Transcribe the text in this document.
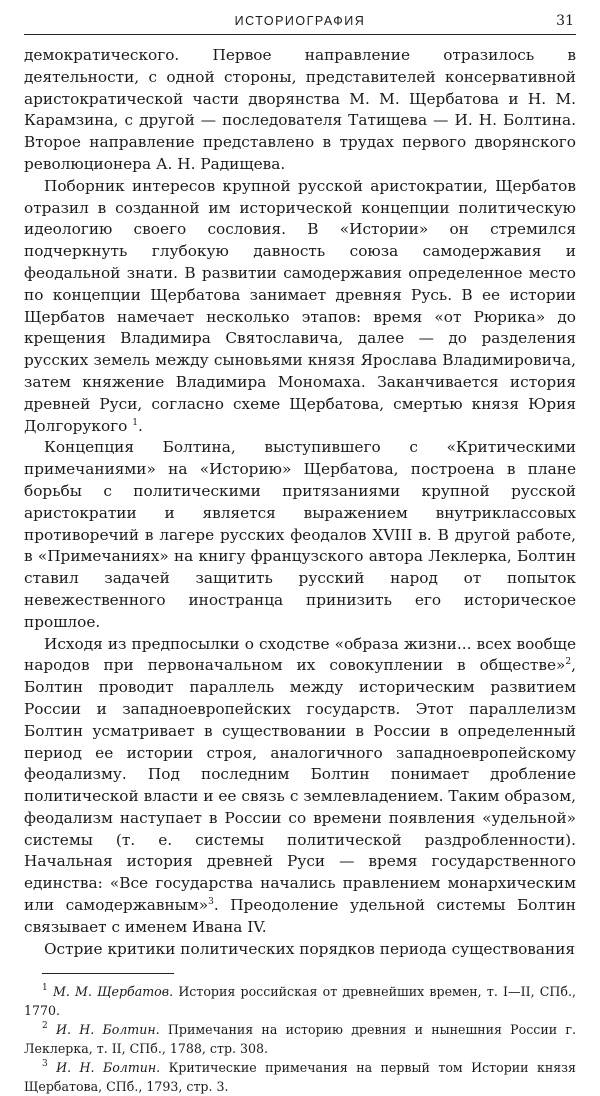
ИСТОРИОГРАФИЯ	31

демократического. Первое направление отразилось в деятельности, с одной стороны, представителей консервативной аристократической части дворянства М. М. Щербатова и Н. М. Карамзина, с другой — последователя Татищева — И. Н. Болтина. Второе направление представлено в трудах первого дворянского революционера А. Н. Радищева.

Поборник интересов крупной русской аристократии, Щербатов отразил в созданной им исторической концепции политическую идеологию своего сословия. В «Истории» он стремился подчеркнуть глубокую давность союза самодержавия и феодальной знати. В развитии самодержавия определенное место по концепции Щербатова занимает древняя Русь. В ее истории Щербатов намечает несколько этапов: время «от Рюрика» до крещения Владимира Святославича, далее — до разделения русских земель между сыновьями князя Ярослава Владимировича, затем княжение Владимира Мономаха. Заканчивается история древней Руси, согласно схеме Щербатова, смертью князя Юрия Долгорукого $^1$.

Концепция Болтина, выступившего с «Критическими примечаниями» на «Историю» Щербатова, построена в плане борьбы с политическими притязаниями крупной русской аристократии и является выражением внутриклассовых противоречий в лагере русских феодалов XVIII в. В другой работе, в «Примечаниях» на книгу французского автора Леклерка, Болтин ставил задачей защитить русский народ от попыток невежественного иностранца принизить его историческое прошлое.

Исходя из предпосылки о сходстве «образа жизни... всех вообще народов при первоначальном их совокуплении в обществе»$^2$, Болтин проводит параллель между историческим развитием России и западноевропейских государств. Этот параллелизм Болтин усматривает в существовании в России в определенный период ее истории строя, аналогичного западноевропейскому феодализму. Под последним Болтин понимает дробление политической власти и ее связь с землевладением. Таким образом, феодализм наступает в России со времени появления «удельной» системы (т. е. системы политической раздробленности). Начальная история древней Руси — время государственного единства: «Все государства начались правлением монархическим или самодержавным»$^3$. Преодоление удельной системы Болтин связывает с именем Ивана IV.

Острие критики политических порядков периода существования

$^1$ М. М. Щербатов. История российская от древнейших времен, т. I—II, СПб., 1770.

$^2$ И. Н. Болтин. Примечания на историю древния и нынешния России г. Леклерка, т. II, СПб., 1788, стр. 308.

$^3$ И. Н. Болтин. Критические примечания на первый том Истории князя Щербатова, СПб., 1793, стр. 3.
